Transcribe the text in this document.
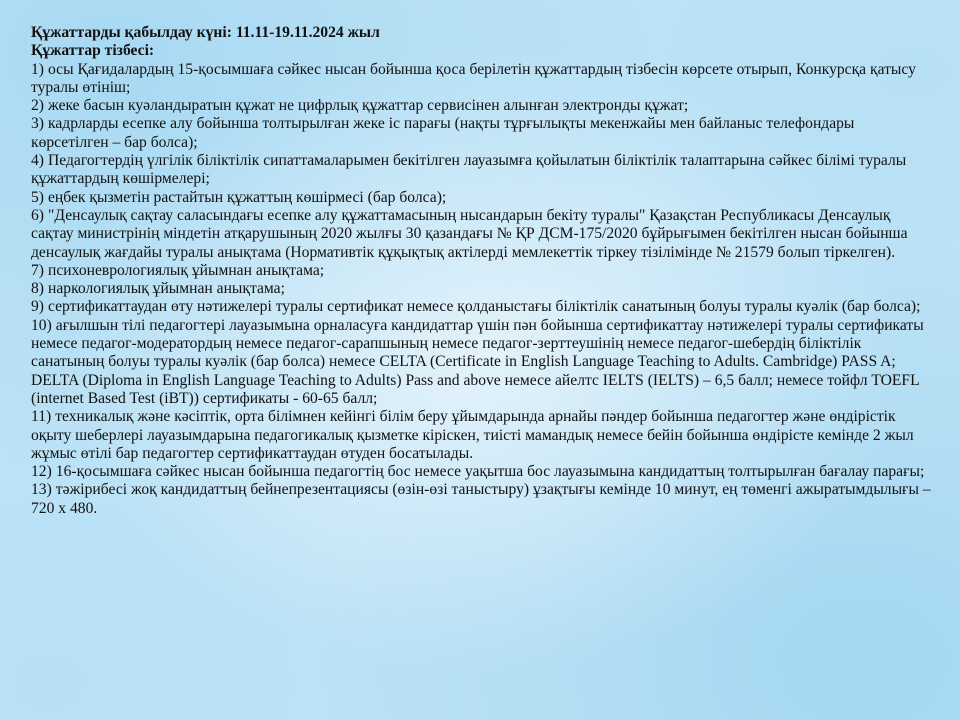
Құжаттарды қабылдау күні: 11.11-19.11.2024 жыл

Құжаттар тізбесі:

1) осы Қағидалардың 15-қосымшаға сәйкес нысан бойынша қоса берілетін құжаттардың тізбесін көрсете отырып, Конкурсқа қатысу туралы өтініш;

2) жеке басын куәландыратын құжат не цифрлық құжаттар сервисінен алынған электронды құжат;

3) кадрларды есепке алу бойынша толтырылған жеке іс парағы (нақты тұрғылықты мекенжайы мен байланыс телефондары көрсетілген – бар болса);

4) Педагогтердің үлгілік біліктілік сипаттамаларымен бекітілген лауазымға қойылатын біліктілік талаптарына сәйкес білімі туралы құжаттардың көшірмелері;

5) еңбек қызметін растайтын құжаттың көшірмесі (бар болса);

6) "Денсаулық сақтау саласындағы есепке алу құжаттамасының нысандарын бекіту туралы" Қазақстан Республикасы Денсаулық сақтау министрінің міндетін атқарушының 2020 жылғы 30 қазандағы № ҚР ДСМ-175/2020 бұйрығымен бекітілген нысан бойынша денсаулық жағдайы туралы анықтама (Нормативтік құқықтық актілерді мемлекеттік тіркеу тізілімінде № 21579 болып тіркелген).

7) психоневрологиялық ұйымнан анықтама;

8) наркологиялық ұйымнан анықтама;

9) сертификаттаудан өту нәтижелері туралы сертификат немесе қолданыстағы біліктілік санатының болуы туралы куәлік (бар болса);

10) ағылшын тілі педагогтері лауазымына орналасуға кандидаттар үшін пән бойынша сертификаттау нәтижелері туралы сертификаты немесе педагог-модератордың немесе педагог-сарапшының немесе педагог-зерттеушінің немесе педагог-шебердің біліктілік санатының болуы туралы куәлік (бар болса) немесе CELTA (Certificate in English Language Teaching to Adults. Cambridge) PASS A; DELTA (Diploma in English Language Teaching to Adults) Pass and above немесе айелтс IELTS (IELTS) – 6,5 балл; немесе тойфл TOEFL (internet Based Test (iBT)) сертификаты - 60-65 балл;

11) техникалық және кәсіптік, орта білімнен кейінгі білім беру ұйымдарында арнайы пәндер бойынша педагогтер және өндірістік оқыту шеберлері лауазымдарына педагогикалық қызметке кіріскен, тиісті мамандық немесе бейін бойынша өндірісте кемінде 2 жыл жұмыс өтілі бар педагогтер сертификаттаудан өтуден босатылады.

12) 16-қосымшаға сәйкес нысан бойынша педагогтің бос немесе уақытша бос лауазымына кандидаттың толтырылған бағалау парағы;

13) тәжірибесі жоқ кандидаттың бейнепрезентациясы (өзін-өзі таныстыру) ұзақтығы кемінде 10 минут, ең төменгі ажыратымдылығы – 720 x 480.
